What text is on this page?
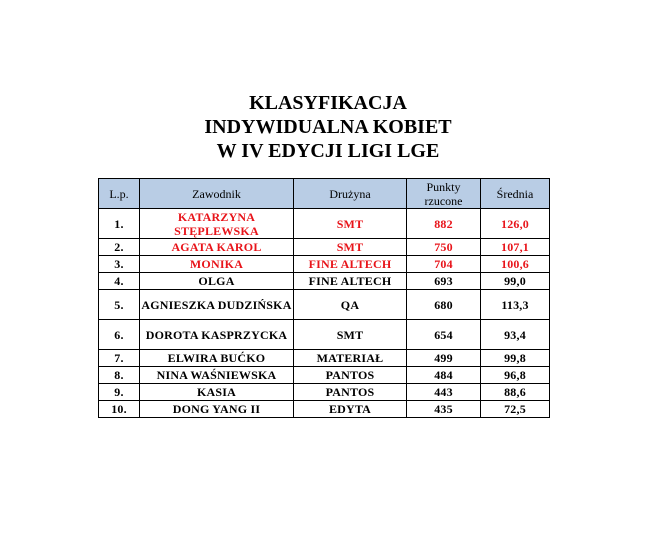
KLASYFIKACJA
INDYWIDUALNA KOBIET
W IV EDYCJI LIGI LGE
L.p.	Zawodnik	Drużyna	Punkty rzucone	Średnia
1.	KATARZYNA STĘPLEWSKA	SMT	882	126,0
2.	AGATA KAROL	SMT	750	107,1
3.	MONIKA	FINE ALTECH	704	100,6
4.	OLGA	FINE ALTECH	693	99,0
5.	AGNIESZKA DUDZIŃSKA	QA	680	113,3
6.	DOROTA KASPRZYCKA	SMT	654	93,4
7.	ELWIRA BUĆKO	MATERIAŁ	499	99,8
8.	NINA WAŚNIEWSKA	PANTOS	484	96,8
9.	KASIA	PANTOS	443	88,6
10.	DONG YANG II	EDYTA	435	72,5
